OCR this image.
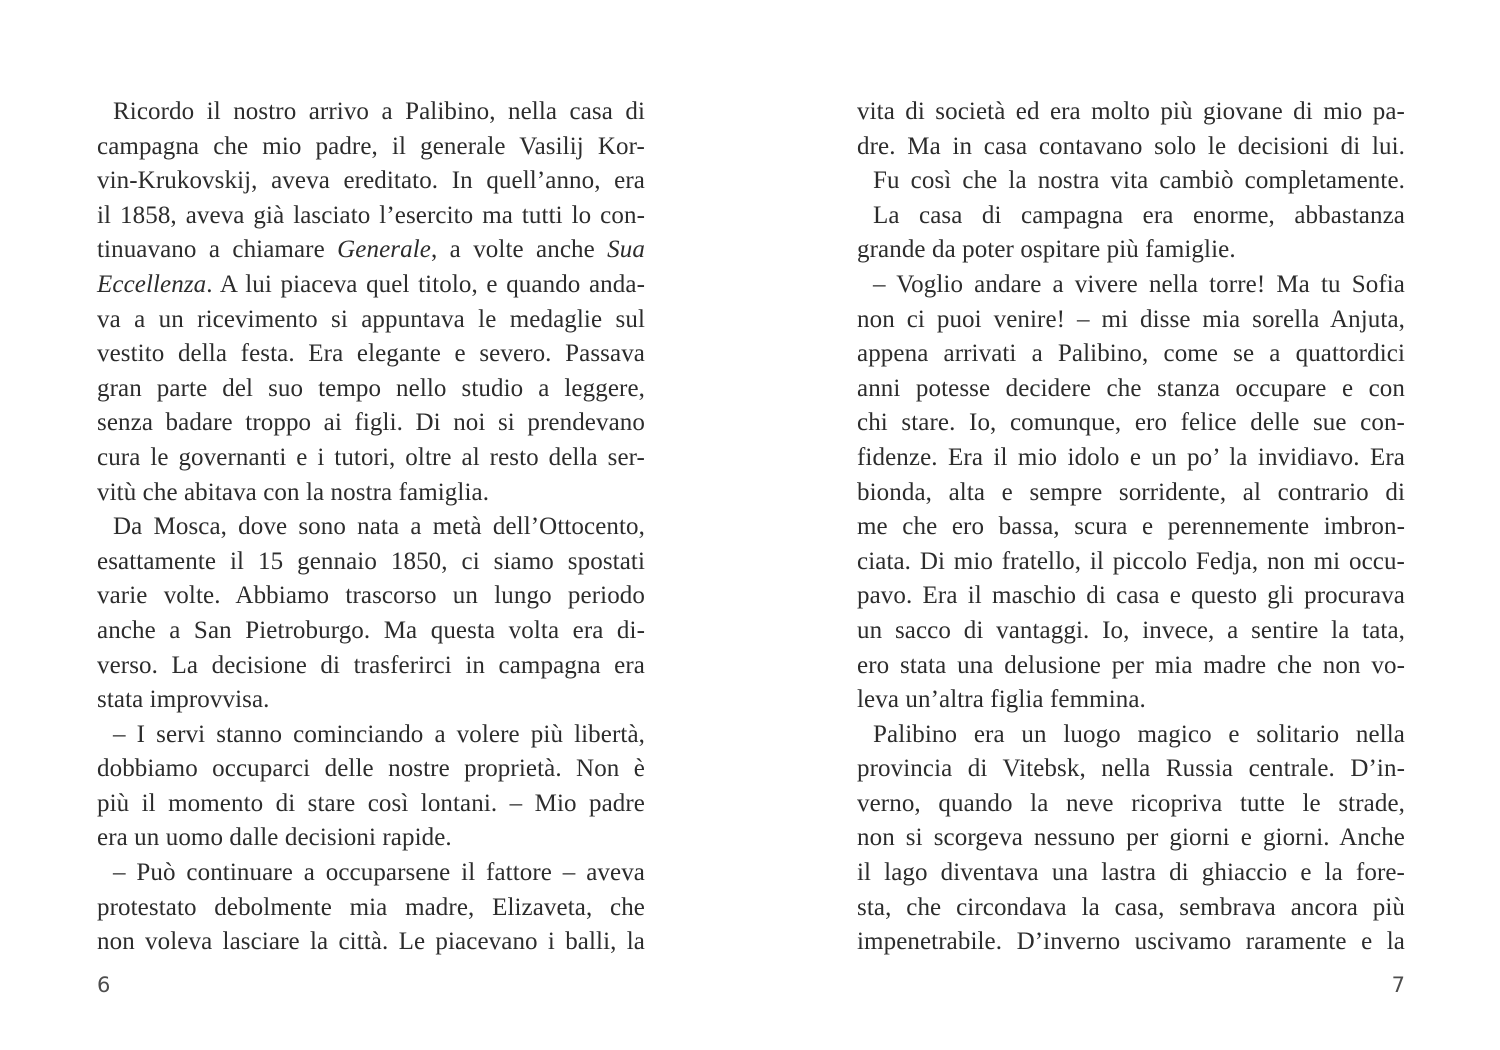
Ricordo il nostro arrivo a Palibino, nella casa di
campagna che mio padre, il generale Vasilij Kor-
vin-Krukovskij, aveva ereditato. In quell’anno, era
il 1858, aveva già lasciato l’esercito ma tutti lo con-
tinuavano a chiamare Generale, a volte anche Sua
Eccellenza. A lui piaceva quel titolo, e quando anda-
va a un ricevimento si appuntava le medaglie sul
vestito della festa. Era elegante e severo. Passava
gran parte del suo tempo nello studio a leggere,
senza badare troppo ai figli. Di noi si prendevano
cura le governanti e i tutori, oltre al resto della ser-
vitù che abitava con la nostra famiglia.
Da Mosca, dove sono nata a metà dell’Ottocento,
esattamente il 15 gennaio 1850, ci siamo spostati
varie volte. Abbiamo trascorso un lungo periodo
anche a San Pietroburgo. Ma questa volta era di-
verso. La decisione di trasferirci in campagna era
stata improvvisa.
– I servi stanno cominciando a volere più libertà,
dobbiamo occuparci delle nostre proprietà. Non è
più il momento di stare così lontani. – Mio padre
era un uomo dalle decisioni rapide.
– Può continuare a occuparsene il fattore – aveva
protestato debolmente mia madre, Elizaveta, che
non voleva lasciare la città. Le piacevano i balli, la
vita di società ed era molto più giovane di mio pa-
dre. Ma in casa contavano solo le decisioni di lui.
Fu così che la nostra vita cambiò completamente.
La casa di campagna era enorme, abbastanza
grande da poter ospitare più famiglie.
– Voglio andare a vivere nella torre! Ma tu Sofia
non ci puoi venire! – mi disse mia sorella Anjuta,
appena arrivati a Palibino, come se a quattordici
anni potesse decidere che stanza occupare e con
chi stare. Io, comunque, ero felice delle sue con-
fidenze. Era il mio idolo e un po’ la invidiavo. Era
bionda, alta e sempre sorridente, al contrario di
me che ero bassa, scura e perennemente imbron-
ciata. Di mio fratello, il piccolo Fedja, non mi occu-
pavo. Era il maschio di casa e questo gli procurava
un sacco di vantaggi. Io, invece, a sentire la tata,
ero stata una delusione per mia madre che non vo-
leva un’altra figlia femmina.
Palibino era un luogo magico e solitario nella
provincia di Vitebsk, nella Russia centrale. D’in-
verno, quando la neve ricopriva tutte le strade,
non si scorgeva nessuno per giorni e giorni. Anche
il lago diventava una lastra di ghiaccio e la fore-
sta, che circondava la casa, sembrava ancora più
impenetrabile. D’inverno uscivamo raramente e la
6	7
